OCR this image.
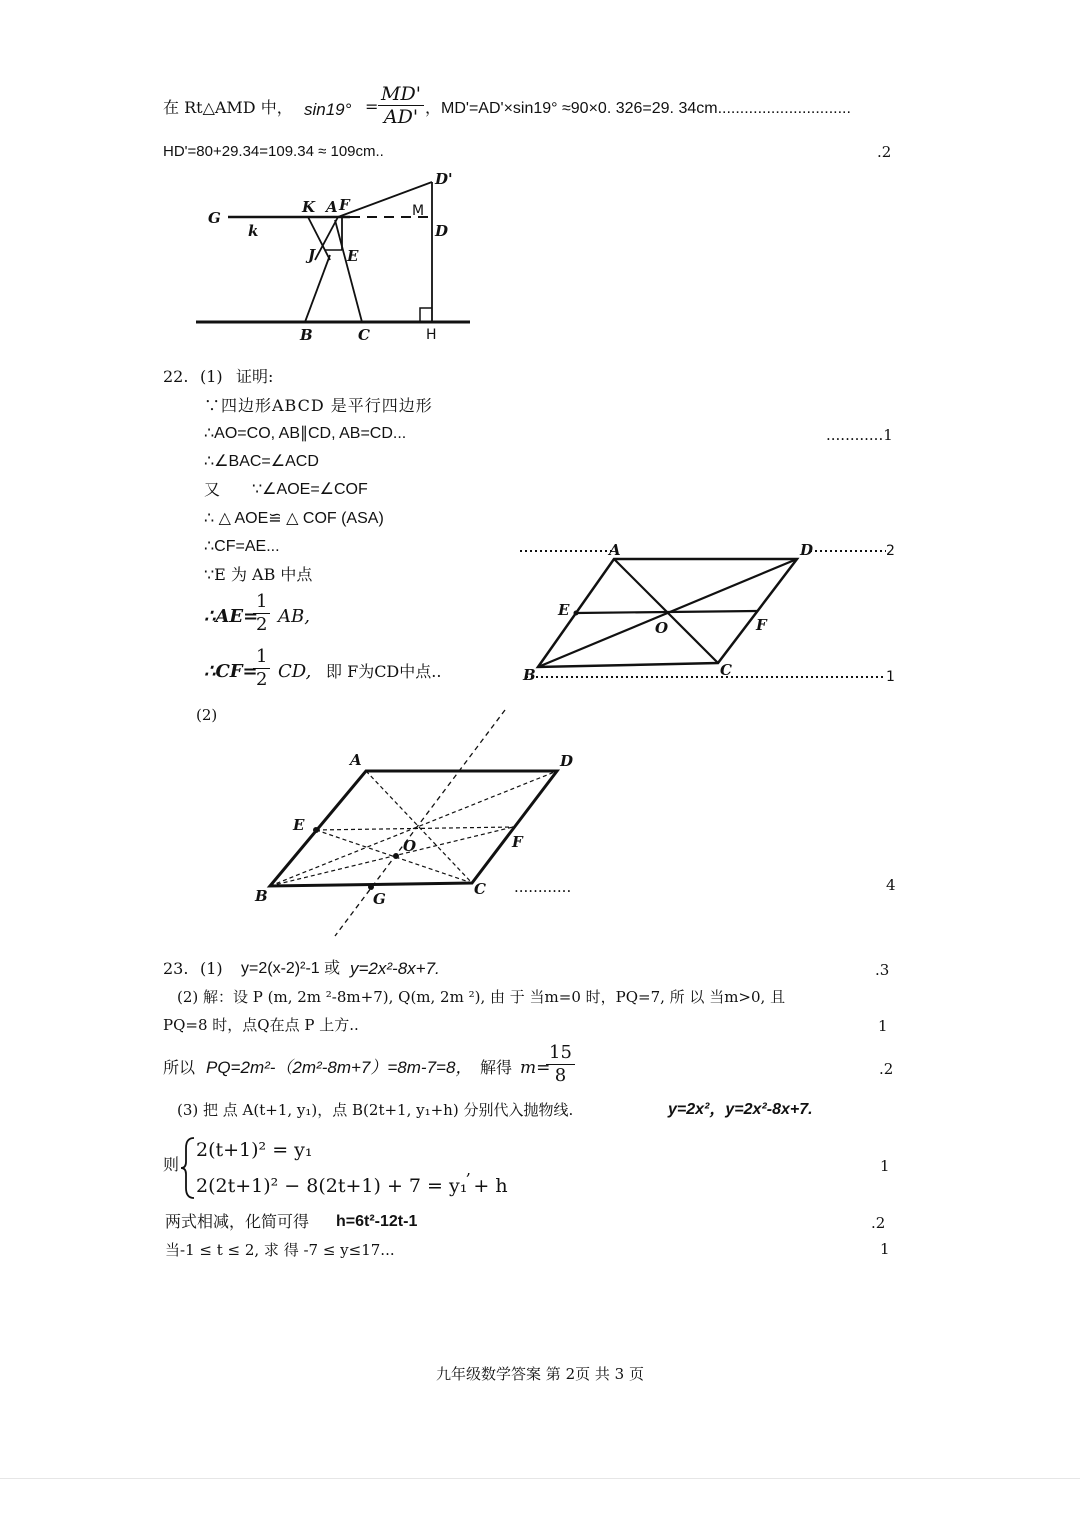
在 Rt△AMD 中， $\sin 19^\circ = \frac{MD'}{AD'}$ ，MD'=AD'×sin19° ≈90×0. 326=29. 34cm..............................
HD'=80+29.34=109.34 ≈ 109cm..	.2
G
K A F
D'
M
D
k
J E
B	C	H
22. (1) 证明:
∵四边形ABCD 是平行四边形
∴AO=CO, AB∥CD, AB=CD...	............1
∴∠BAC=∠ACD
又 ∵∠AOE=∠COF
∴ △ AOE≌ △ COF (ASA)
∴CF=AE...
∵E 为 AB 中点
∴AE=
$\frac{1}{2}$ AB,
∴CF=
$\frac{1}{2}$ CD, 即 F为CD中点..
A	D
E
O	F
B	C
2
1
(2)
A	D
E
O	F
B	C
G
............	4
23. (1) y=2(x-2)²-1 或 y=2x²-8x+7.	.3
(2) 解：设 P (m, 2m ²-8m+7), Q(m, 2m ²), 由 于 当m=0 时，PQ=7, 所 以 当m>0, 且
PQ=8 时，点Q在点 P 上方..	1
所以 PQ=2m²-（2m²-8m+7）=8m-7=8， 解得 m=
$\frac{15}{8}$	.2
(3) 把 点 A(t+1, y₁)，点 B(2t+1, y₁+h) 分别代入抛物线.	y=2x²，y=2x²-8x+7.
则
2(t+1)² = y₁
2(2t+1)² − 8(2t+1) + 7 = y₁ + h
,	1
两式相减，化简可得 h=6t²-12t-1	.2
当-1 ≤ t ≤ 2, 求 得 -7 ≤ y≤17...	1
九年级数学答案 第 2页 共 3 页
